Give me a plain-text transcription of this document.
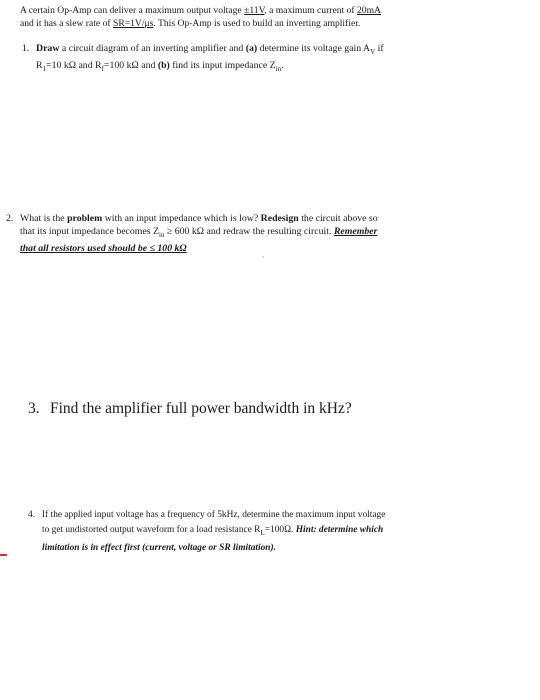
A certain Op-Amp can deliver a maximum output voltage ±11V, a maximum current of 20mA
and it has a slew rate of SR=1V/μs. This Op-Amp is used to build an inverting amplifier.
1. Draw a circuit diagram of an inverting amplifier and (a) determine its voltage gain $A_V$ if
$R_1=10$ kΩ and $R_f=100$ kΩ and (b) find its input impedance $Z_{in}$.
2. What is the problem with an input impedance which is low? Redesign the circuit above so
that its input impedance becomes $Z_{in} \ge 600$ kΩ and redraw the resulting circuit. Remember
that all resistors used should be ≤ 100 kΩ
3. Find the amplifier full power bandwidth in kHz?
4. If the applied input voltage has a frequency of 5kHz, determine the maximum input voltage
to get undistorted output waveform for a load resistance $R_L=100\Omega$. Hint: determine which
limitation is in effect first (current, voltage or SR limitation).
